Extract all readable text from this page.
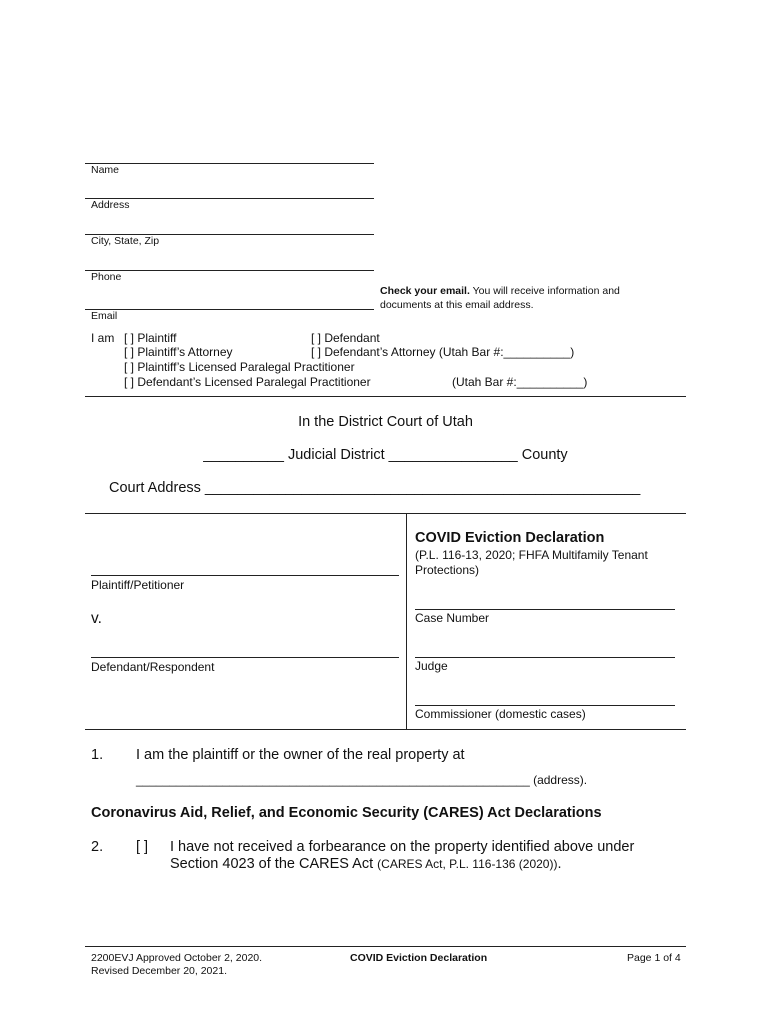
Name
Address
City, State, Zip
Phone
Email
Check your email. You will receive information and
documents at this email address.
I am [ ] Plaintiff
[ ] Plaintiff’s Attorney
[ ] Plaintiff’s Licensed Paralegal Practitioner
[ ] Defendant’s Licensed Paralegal Practitioner
[ ] Defendant
[ ] Defendant’s Attorney (Utah Bar #:__________)
(Utah Bar #:__________)
In the District Court of Utah
__________ Judicial District ________________ County
Court Address ______________________________________________________
Plaintiff/Petitioner
v.
Defendant/Respondent
COVID Eviction Declaration
(P.L. 116-13, 2020; FHFA Multifamily Tenant
Protections)
Case Number
Judge
Commissioner (domestic cases)
1. I am the plaintiff or the owner of the real property at
___________________________________________________________ (address).
Coronavirus Aid, Relief, and Economic Security (CARES) Act Declarations
2. [ ] I have not received a forbearance on the property identified above under
Section 4023 of the CARES Act (CARES Act, P.L. 116-136 (2020)).
2200EVJ Approved October 2, 2020.
Revised December 20, 2021.
COVID Eviction Declaration	Page 1 of 4
